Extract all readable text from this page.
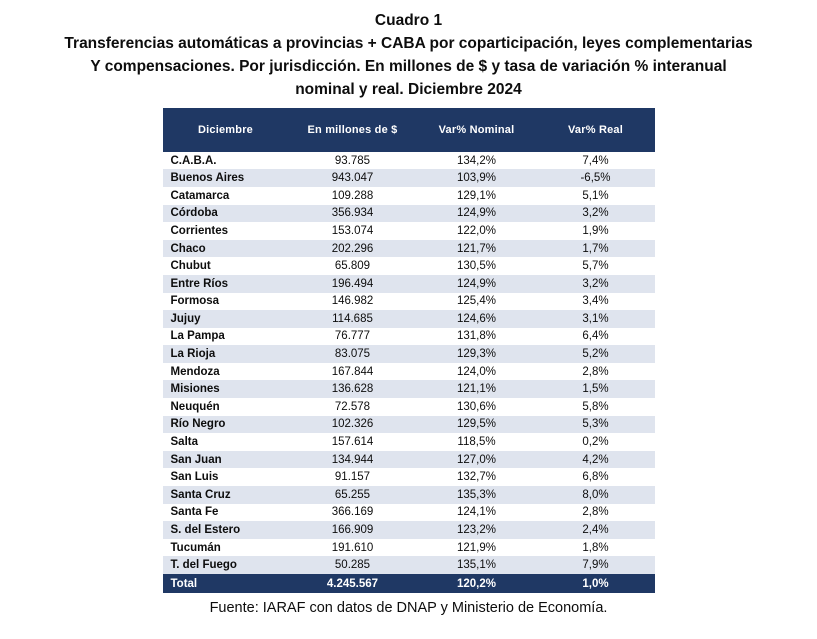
Cuadro 1
Transferencias automáticas a provincias + CABA por coparticipación, leyes complementarias
Y compensaciones. Por jurisdicción. En millones de $ y tasa de variación % interanual
nominal y real. Diciembre 2024
Diciembre	En millones de $	Var% Nominal	Var% Real
C.A.B.A.	93.785	134,2%	7,4%
Buenos Aires	943.047	103,9%	-6,5%
Catamarca	109.288	129,1%	5,1%
Córdoba	356.934	124,9%	3,2%
Corrientes	153.074	122,0%	1,9%
Chaco	202.296	121,7%	1,7%
Chubut	65.809	130,5%	5,7%
Entre Ríos	196.494	124,9%	3,2%
Formosa	146.982	125,4%	3,4%
Jujuy	114.685	124,6%	3,1%
La Pampa	76.777	131,8%	6,4%
La Rioja	83.075	129,3%	5,2%
Mendoza	167.844	124,0%	2,8%
Misiones	136.628	121,1%	1,5%
Neuquén	72.578	130,6%	5,8%
Río Negro	102.326	129,5%	5,3%
Salta	157.614	118,5%	0,2%
San Juan	134.944	127,0%	4,2%
San Luis	91.157	132,7%	6,8%
Santa Cruz	65.255	135,3%	8,0%
Santa Fe	366.169	124,1%	2,8%
S. del Estero	166.909	123,2%	2,4%
Tucumán	191.610	121,9%	1,8%
T. del Fuego	50.285	135,1%	7,9%
Total	4.245.567	120,2%	1,0%
Fuente: IARAF con datos de DNAP y Ministerio de Economía.
